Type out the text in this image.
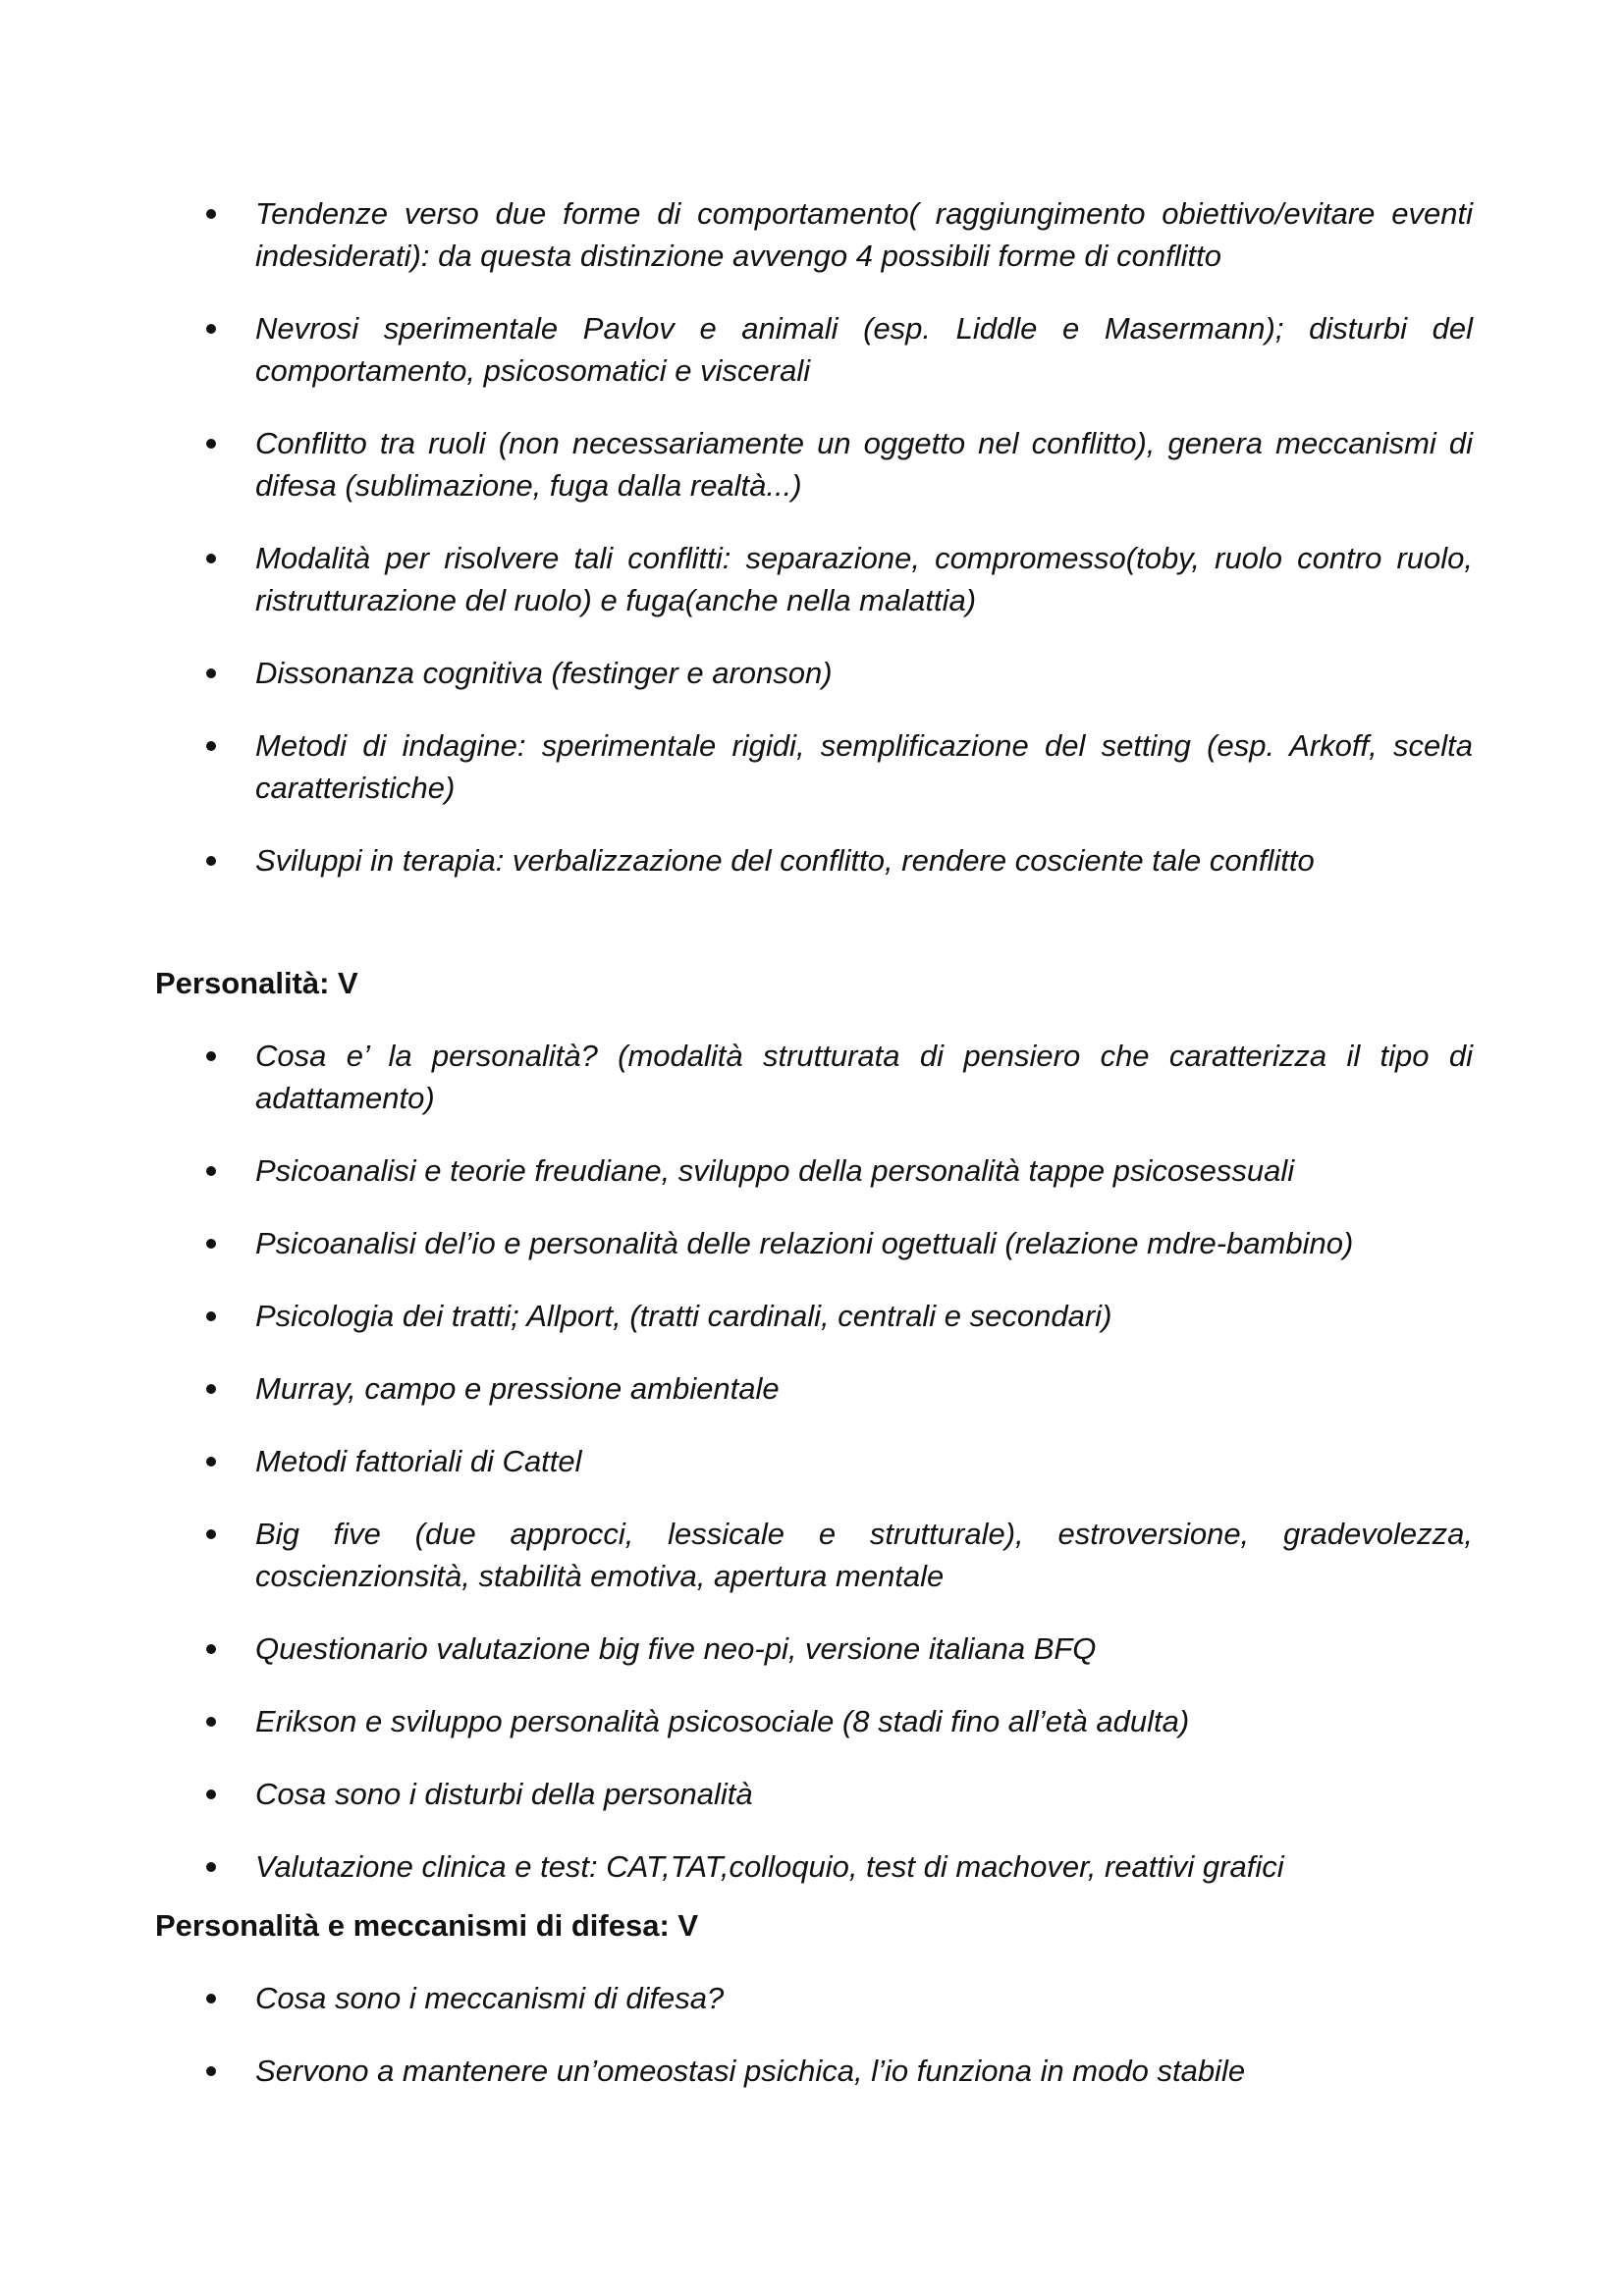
Tendenze verso due forme di comportamento( raggiungimento obiettivo/evitare eventi indesiderati): da questa distinzione avvengo 4 possibili forme di conflitto
Nevrosi sperimentale Pavlov e animali (esp. Liddle e Masermann); disturbi del comportamento, psicosomatici e viscerali
Conflitto tra ruoli (non necessariamente un oggetto nel conflitto), genera meccanismi di difesa (sublimazione, fuga dalla realtà...)
Modalità per risolvere tali conflitti: separazione, compromesso(toby, ruolo contro ruolo, ristrutturazione del ruolo) e fuga(anche nella malattia)
Dissonanza cognitiva (festinger e aronson)
Metodi di indagine: sperimentale rigidi, semplificazione del setting (esp. Arkoff, scelta caratteristiche)
Sviluppi in terapia: verbalizzazione del conflitto, rendere cosciente tale conflitto
Personalità: V
Cosa e’ la personalità? (modalità strutturata di pensiero che caratterizza il tipo di adattamento)
Psicoanalisi e teorie freudiane, sviluppo della personalità tappe psicosessuali
Psicoanalisi del’io e personalità delle relazioni ogettuali (relazione mdre-bambino)
Psicologia dei tratti; Allport, (tratti cardinali, centrali e secondari)
Murray, campo e pressione ambientale
Metodi fattoriali di Cattel
Big five (due approcci, lessicale e strutturale), estroversione, gradevolezza, coscienzionsità, stabilità emotiva, apertura mentale
Questionario valutazione big five neo-pi, versione italiana BFQ
Erikson e sviluppo personalità psicosociale (8 stadi fino all’età adulta)
Cosa sono i disturbi della personalità
Valutazione clinica e test: CAT,TAT,colloquio, test di machover, reattivi grafici
Personalità e meccanismi di difesa: V
Cosa sono i meccanismi di difesa?
Servono a mantenere un’omeostasi psichica, l’io funziona in modo stabile
